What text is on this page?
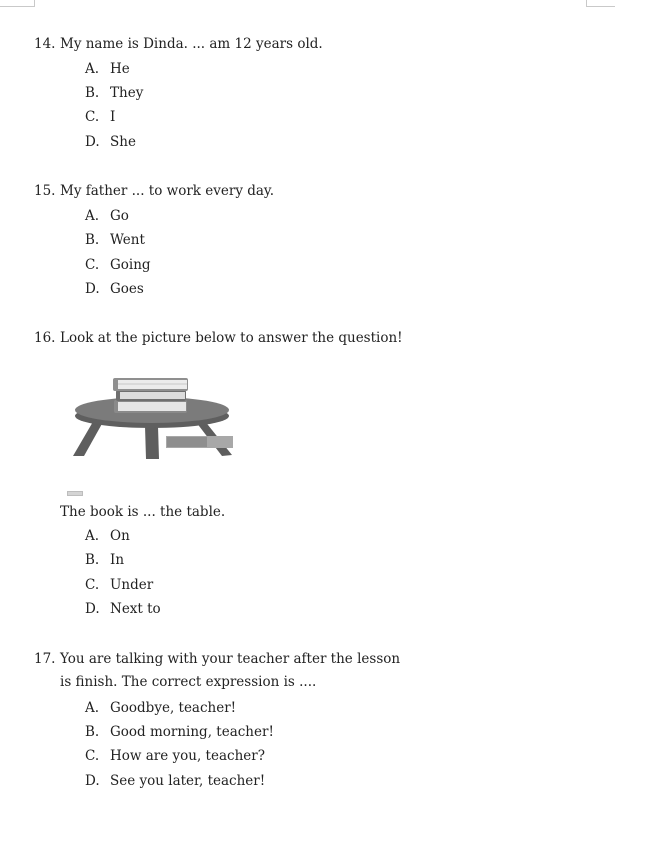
14. My name is Dinda. ... am 12 years old.
A. He
B. They
C. I
D. She
15. My father ... to work every day.
A. Go
B. Went
C. Going
D. Goes
16. Look at the picture below to answer the question!
The book is ... the table.
A. On
B. In
C. Under
D. Next to
17. You are talking with your teacher after the lesson
is finish. The correct expression is ....
A. Goodbye, teacher!
B. Good morning, teacher!
C. How are you, teacher?
D. See you later, teacher!
